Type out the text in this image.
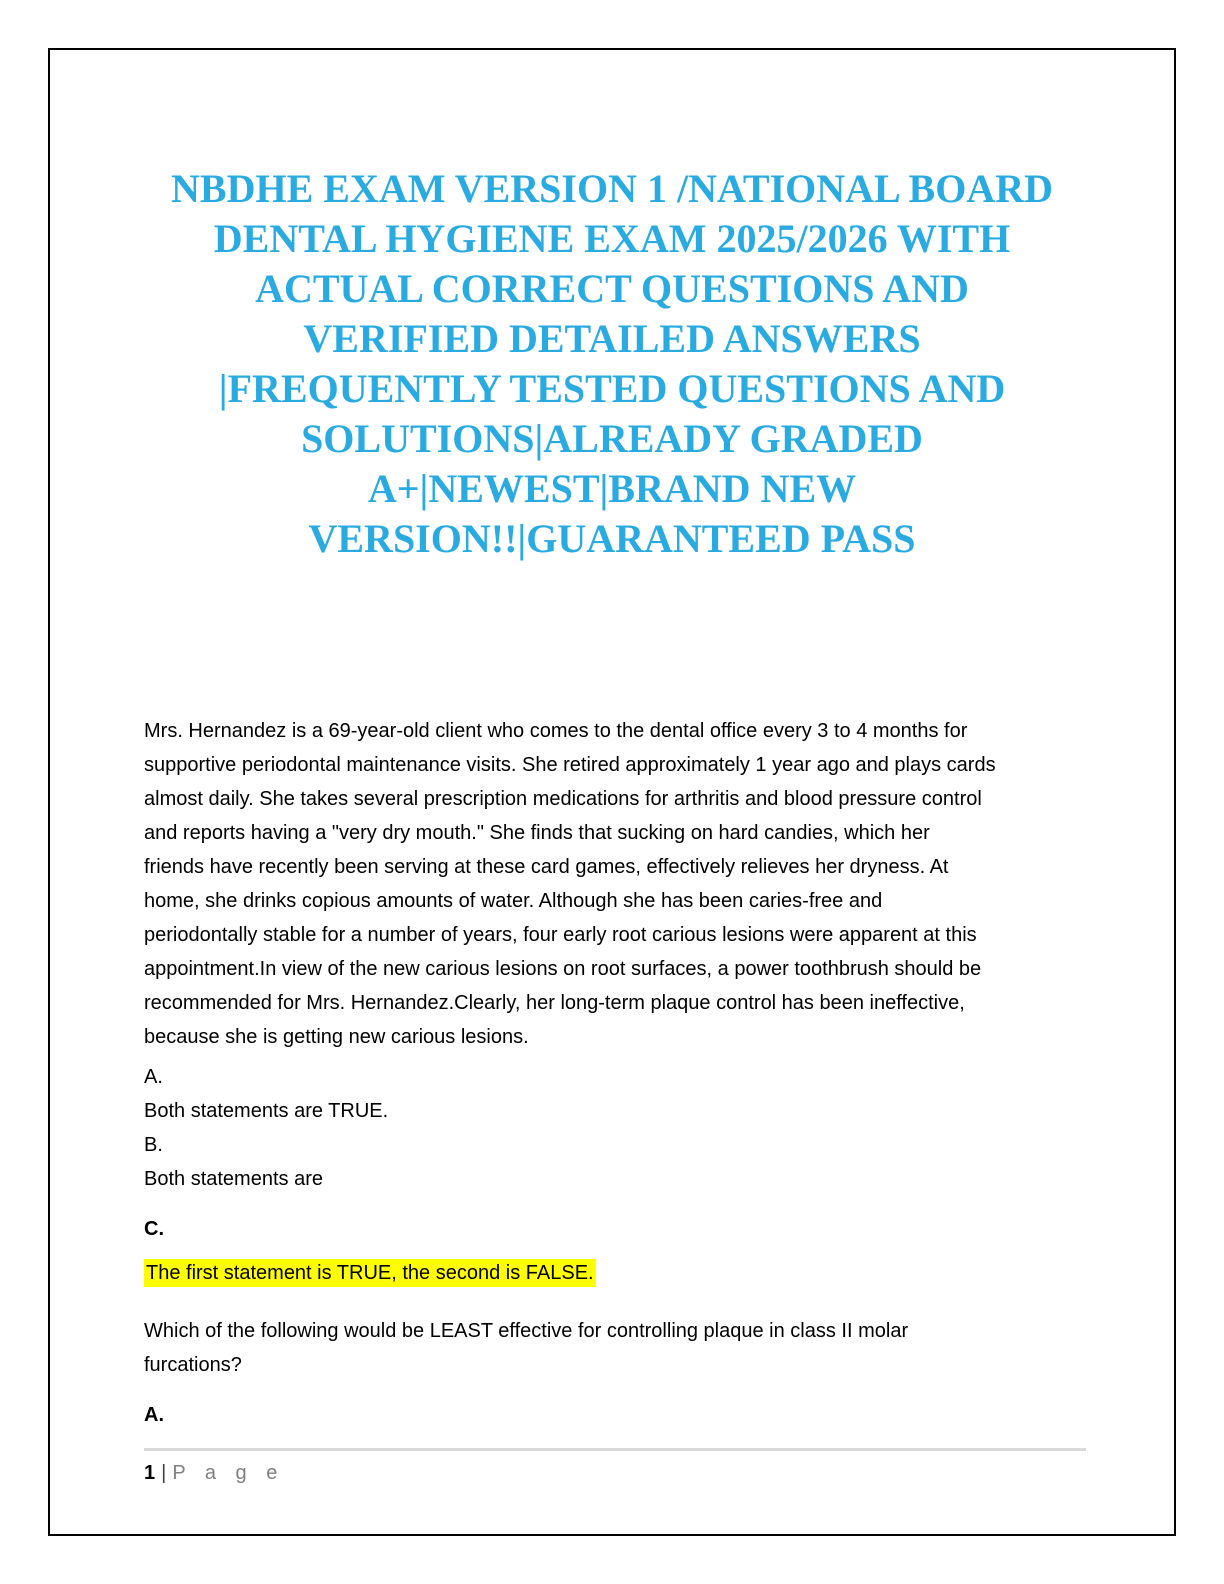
NBDHE EXAM VERSION 1 /NATIONAL BOARD
DENTAL HYGIENE EXAM 2025/2026 WITH
ACTUAL CORRECT QUESTIONS AND
VERIFIED DETAILED ANSWERS
|FREQUENTLY TESTED QUESTIONS AND
SOLUTIONS|ALREADY GRADED
A+|NEWEST|BRAND NEW
VERSION!!|GUARANTEED PASS
Mrs. Hernandez is a 69-year-old client who comes to the dental office every 3 to 4 months for
supportive periodontal maintenance visits. She retired approximately 1 year ago and plays cards
almost daily. She takes several prescription medications for arthritis and blood pressure control
and reports having a "very dry mouth." She finds that sucking on hard candies, which her
friends have recently been serving at these card games, effectively relieves her dryness. At
home, she drinks copious amounts of water. Although she has been caries-free and
periodontally stable for a number of years, four early root carious lesions were apparent at this
appointment.In view of the new carious lesions on root surfaces, a power toothbrush should be
recommended for Mrs. Hernandez.Clearly, her long-term plaque control has been ineffective,
because she is getting new carious lesions.
A.
Both statements are TRUE.
B.
Both statements are
C.
The first statement is TRUE, the second is FALSE.
Which of the following would be LEAST effective for controlling plaque in class II molar
furcations?
A.
1 | P a g e
